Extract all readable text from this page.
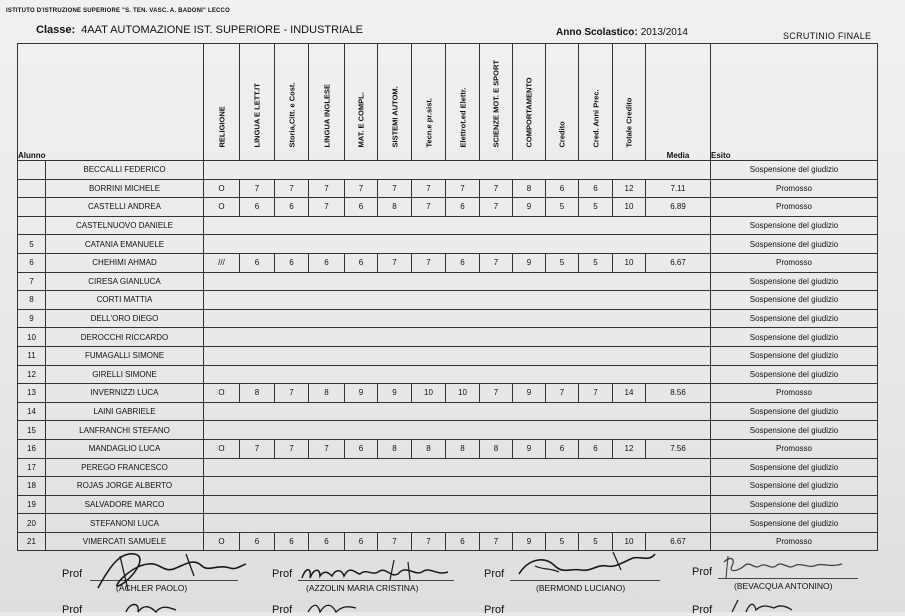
ISTITUTO D'ISTRUZIONE SUPERIORE "S. TEN. VASC. A. BADONI" LECCO
Classe: 4AAT AUTOMAZIONE IST. SUPERIORE - INDUSTRIALE	Anno Scolastico: 2013/2014	SCRUTINIO FINALE
Alunno		RELIGIONE	LINGUA E LETT.IT	Storia,Citt. e Cost.	LINGUA INGLESE	MAT. E COMPL.	SISTEMI AUTOM.	Tecn.e pr.sist.	Elettrot.ed Elettr.	SCIENZE MOT. E SPORT	COMPORTAMENTO	Credito	Cred. Anni Prec.	Totale Credito	Media	Esito
	BECCALLI FEDERICO															Sospensione del giudizio
	BORRINI MICHELE	O	7	7	7	7	7	7	7	7	8	6	6	12	7.11	Promosso
	CASTELLI ANDREA	O	6	6	7	6	8	7	6	7	9	5	5	10	6.89	Promosso
	CASTELNUOVO DANIELE															Sospensione del giudizio
5	CATANIA EMANUELE															Sospensione del giudizio
6	CHEHIMI AHMAD	///	6	6	6	6	7	7	6	7	9	5	5	10	6.67	Promosso
7	CIRESA GIANLUCA															Sospensione del giudizio
8	CORTI MATTIA															Sospensione del giudizio
9	DELL'ORO DIEGO															Sospensione del giudizio
10	DEROCCHI RICCARDO															Sospensione del giudizio
11	FUMAGALLI SIMONE															Sospensione del giudizio
12	GIRELLI SIMONE															Sospensione del giudizio
13	INVERNIZZI LUCA	O	8	7	8	9	9	10	10	7	9	7	7	14	8.56	Promosso
14	LAINI GABRIELE															Sospensione del giudizio
15	LANFRANCHI STEFANO															Sospensione del giudizio
16	MANDAGLIO LUCA	O	7	7	7	6	8	8	8	8	9	6	6	12	7.56	Promosso
17	PEREGO FRANCESCO															Sospensione del giudizio
18	ROJAS JORGE ALBERTO															Sospensione del giudizio
19	SALVADORE MARCO															Sospensione del giudizio
20	STEFANONI LUCA															Sospensione del giudizio
21	VIMERCATI SAMUELE	O	6	6	6	6	7	7	6	7	9	5	5	10	6.67	Promosso
Prof
(ACHLER PAOLO)
Prof
(AZZOLIN MARIA CRISTINA)
Prof
(BERMOND LUCIANO)
Prof
(BEVACQUA ANTONINO)
Prof	Prof	Prof	Prof
